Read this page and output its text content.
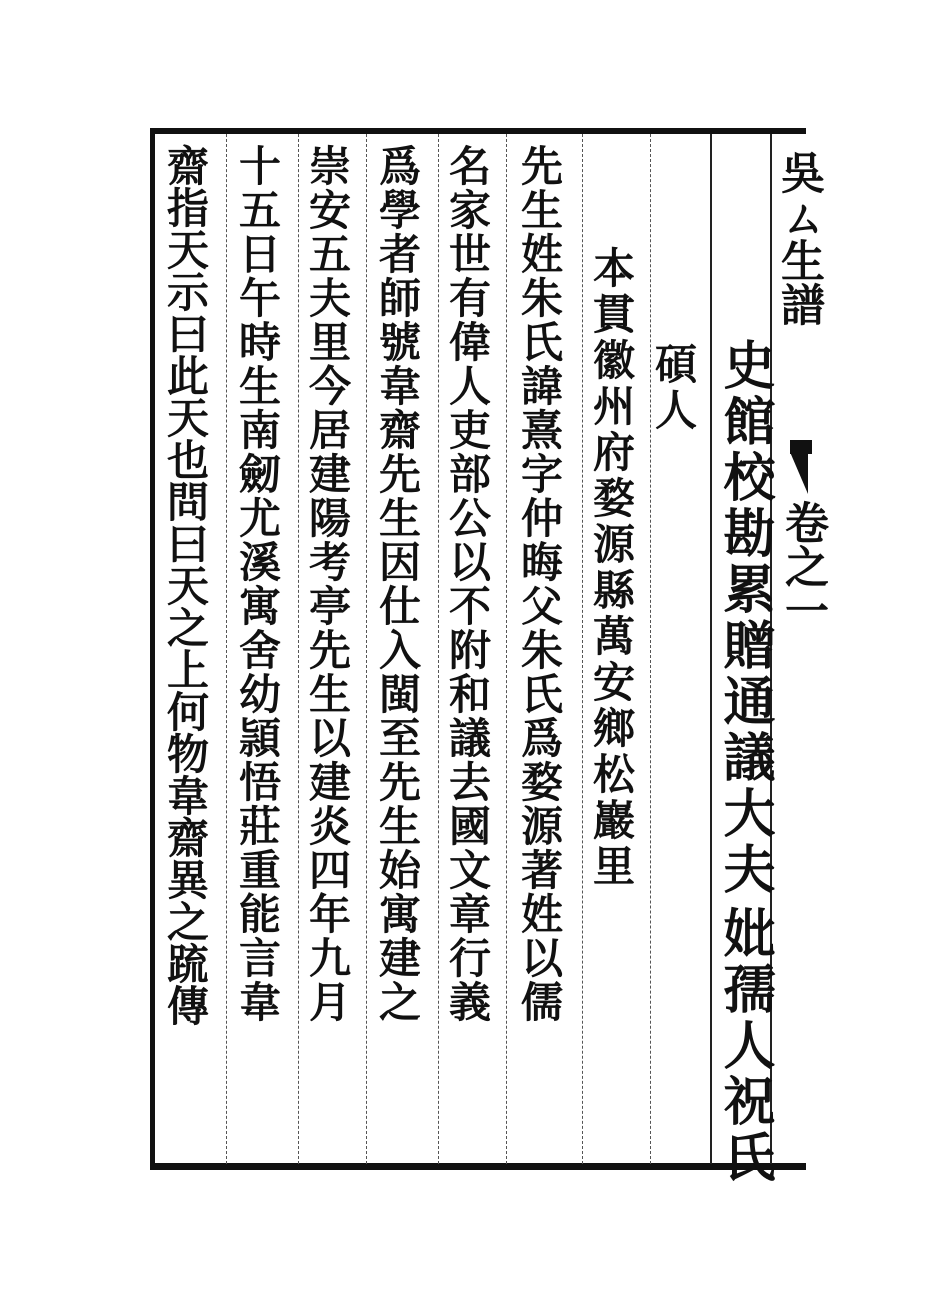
吳ㄙ生譜
卷之一
史館校勘累贈通議大夫
妣孺人祝氏
碩人
本貫徽州府婺源縣萬安鄉松巖里
先生姓朱氏諱熹字仲晦父朱氏爲婺源著姓以儒
名家世有偉人吏部公以不附和議去國文章行義
爲學者師號韋齋先生因仕入閩至先生始寓建之
崇安五夫里今居建陽考亭先生以建炎四年九月
十五日午時生南劒尤溪寓舍幼頴悟莊重能言韋
齋指天示曰此天也問曰天之上何物韋齋異之䟽傳
